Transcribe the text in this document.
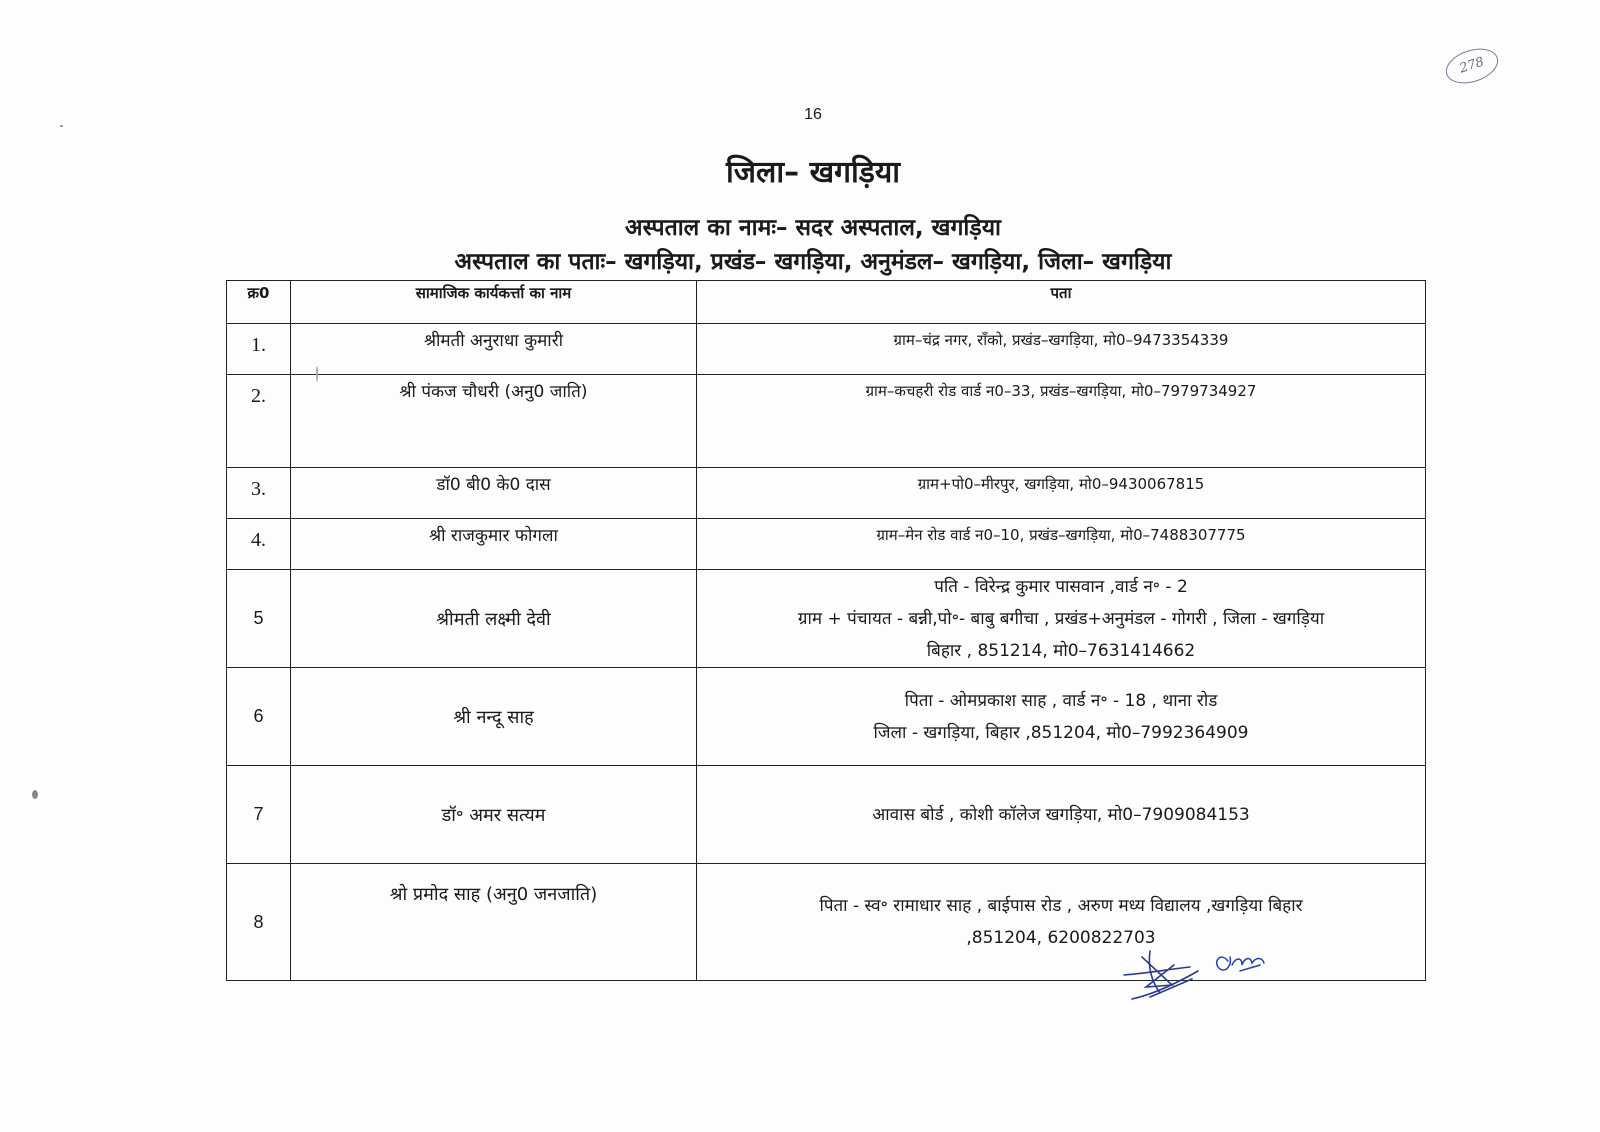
278
16
जिला– खगड़िया
अस्पताल का नामः– सदर अस्पताल, खगड़िया
अस्पताल का पताः– खगड़िया, प्रखंड– खगड़िया, अनुमंडल– खगड़िया, जिला– खगड़िया
क्र0	सामाजिक कार्यकर्त्ता का नाम	पता
1.	श्रीमती अनुराधा कुमारी	ग्राम–चंद्र नगर, रॉंको, प्रखंड–खगड़िया, मो0–9473354339

2.	श्री पंकज चौधरी (अनु0 जाति)	ग्राम–कचहरी रोड वार्ड न0–33, प्रखंड–खगड़िया, मो0–7979734927

3.	डॉ0 बी0 के0 दास	ग्राम+पो0–मीरपुर, खगड़िया, मो0–9430067815

4.	श्री राजकुमार फोगला	ग्राम–मेन रोड वार्ड न0–10, प्रखंड–खगड़िया, मो0–7488307775

5	श्रीमती लक्ष्मी देवी	पति - विरेन्द्र कुमार पासवान ,वार्ड न॰ - 2
ग्राम + पंचायत - बन्नी,पो॰- बाबु बगीचा , प्रखंड+अनुमंडल - गोगरी , जिला - खगड़िया
बिहार , 851214, मो0–7631414662

6	श्री नन्दू साह	पिता - ओमप्रकाश साह , वार्ड न॰ - 18 , थाना रोड
जिला - खगड़िया, बिहार ,851204, मो0–7992364909

7	डॉ॰ अमर सत्यम	आवास बोर्ड , कोशी कॉलेज खगड़िया, मो0–7909084153

8	श्रो प्रमोद साह (अनु0 जनजाति)	पिता - स्व॰ रामाधार साह , बाईपास रोड , अरुण मध्य विद्यालय ,खगड़िया बिहार
,851204, 6200822703
